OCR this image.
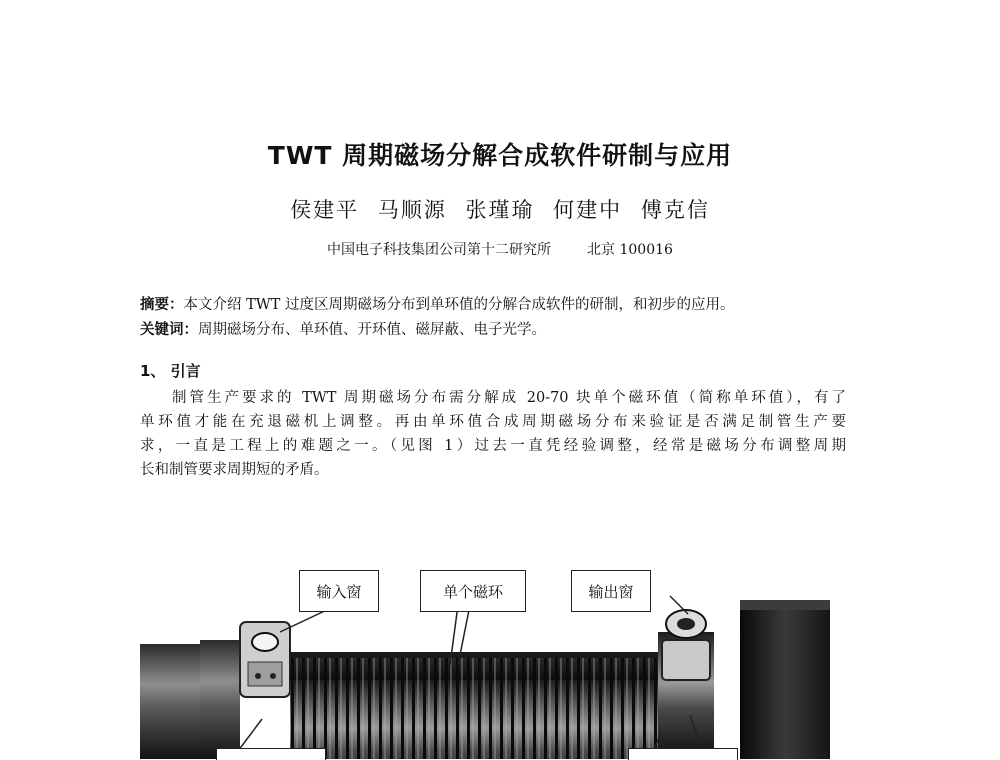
TWT 周期磁场分解合成软件研制与应用
侯建平 马顺源 张瑾瑜 何建中 傅克信
中国电子科技集团公司第十二研究所	北京 100016
摘要：本文介绍 TWT 过度区周期磁场分布到单环值的分解合成软件的研制，和初步的应用。
关键词：周期磁场分布、单环值、开环值、磁屏蔽、电子光学。
1、 引言

制管生产要求的 TWT 周期磁场分布需分解成 20-70 块单个磁环值（简称单环值），有了

单环值才能在充退磁机上调整。再由单环值合成周期磁场分布来验证是否满足制管生产要

求，一直是工程上的难题之一。（见图 1）过去一直凭经验调整，经常是磁场分布调整周期

长和制管要求周期短的矛盾。

输入窗	单个磁环	输出窗
